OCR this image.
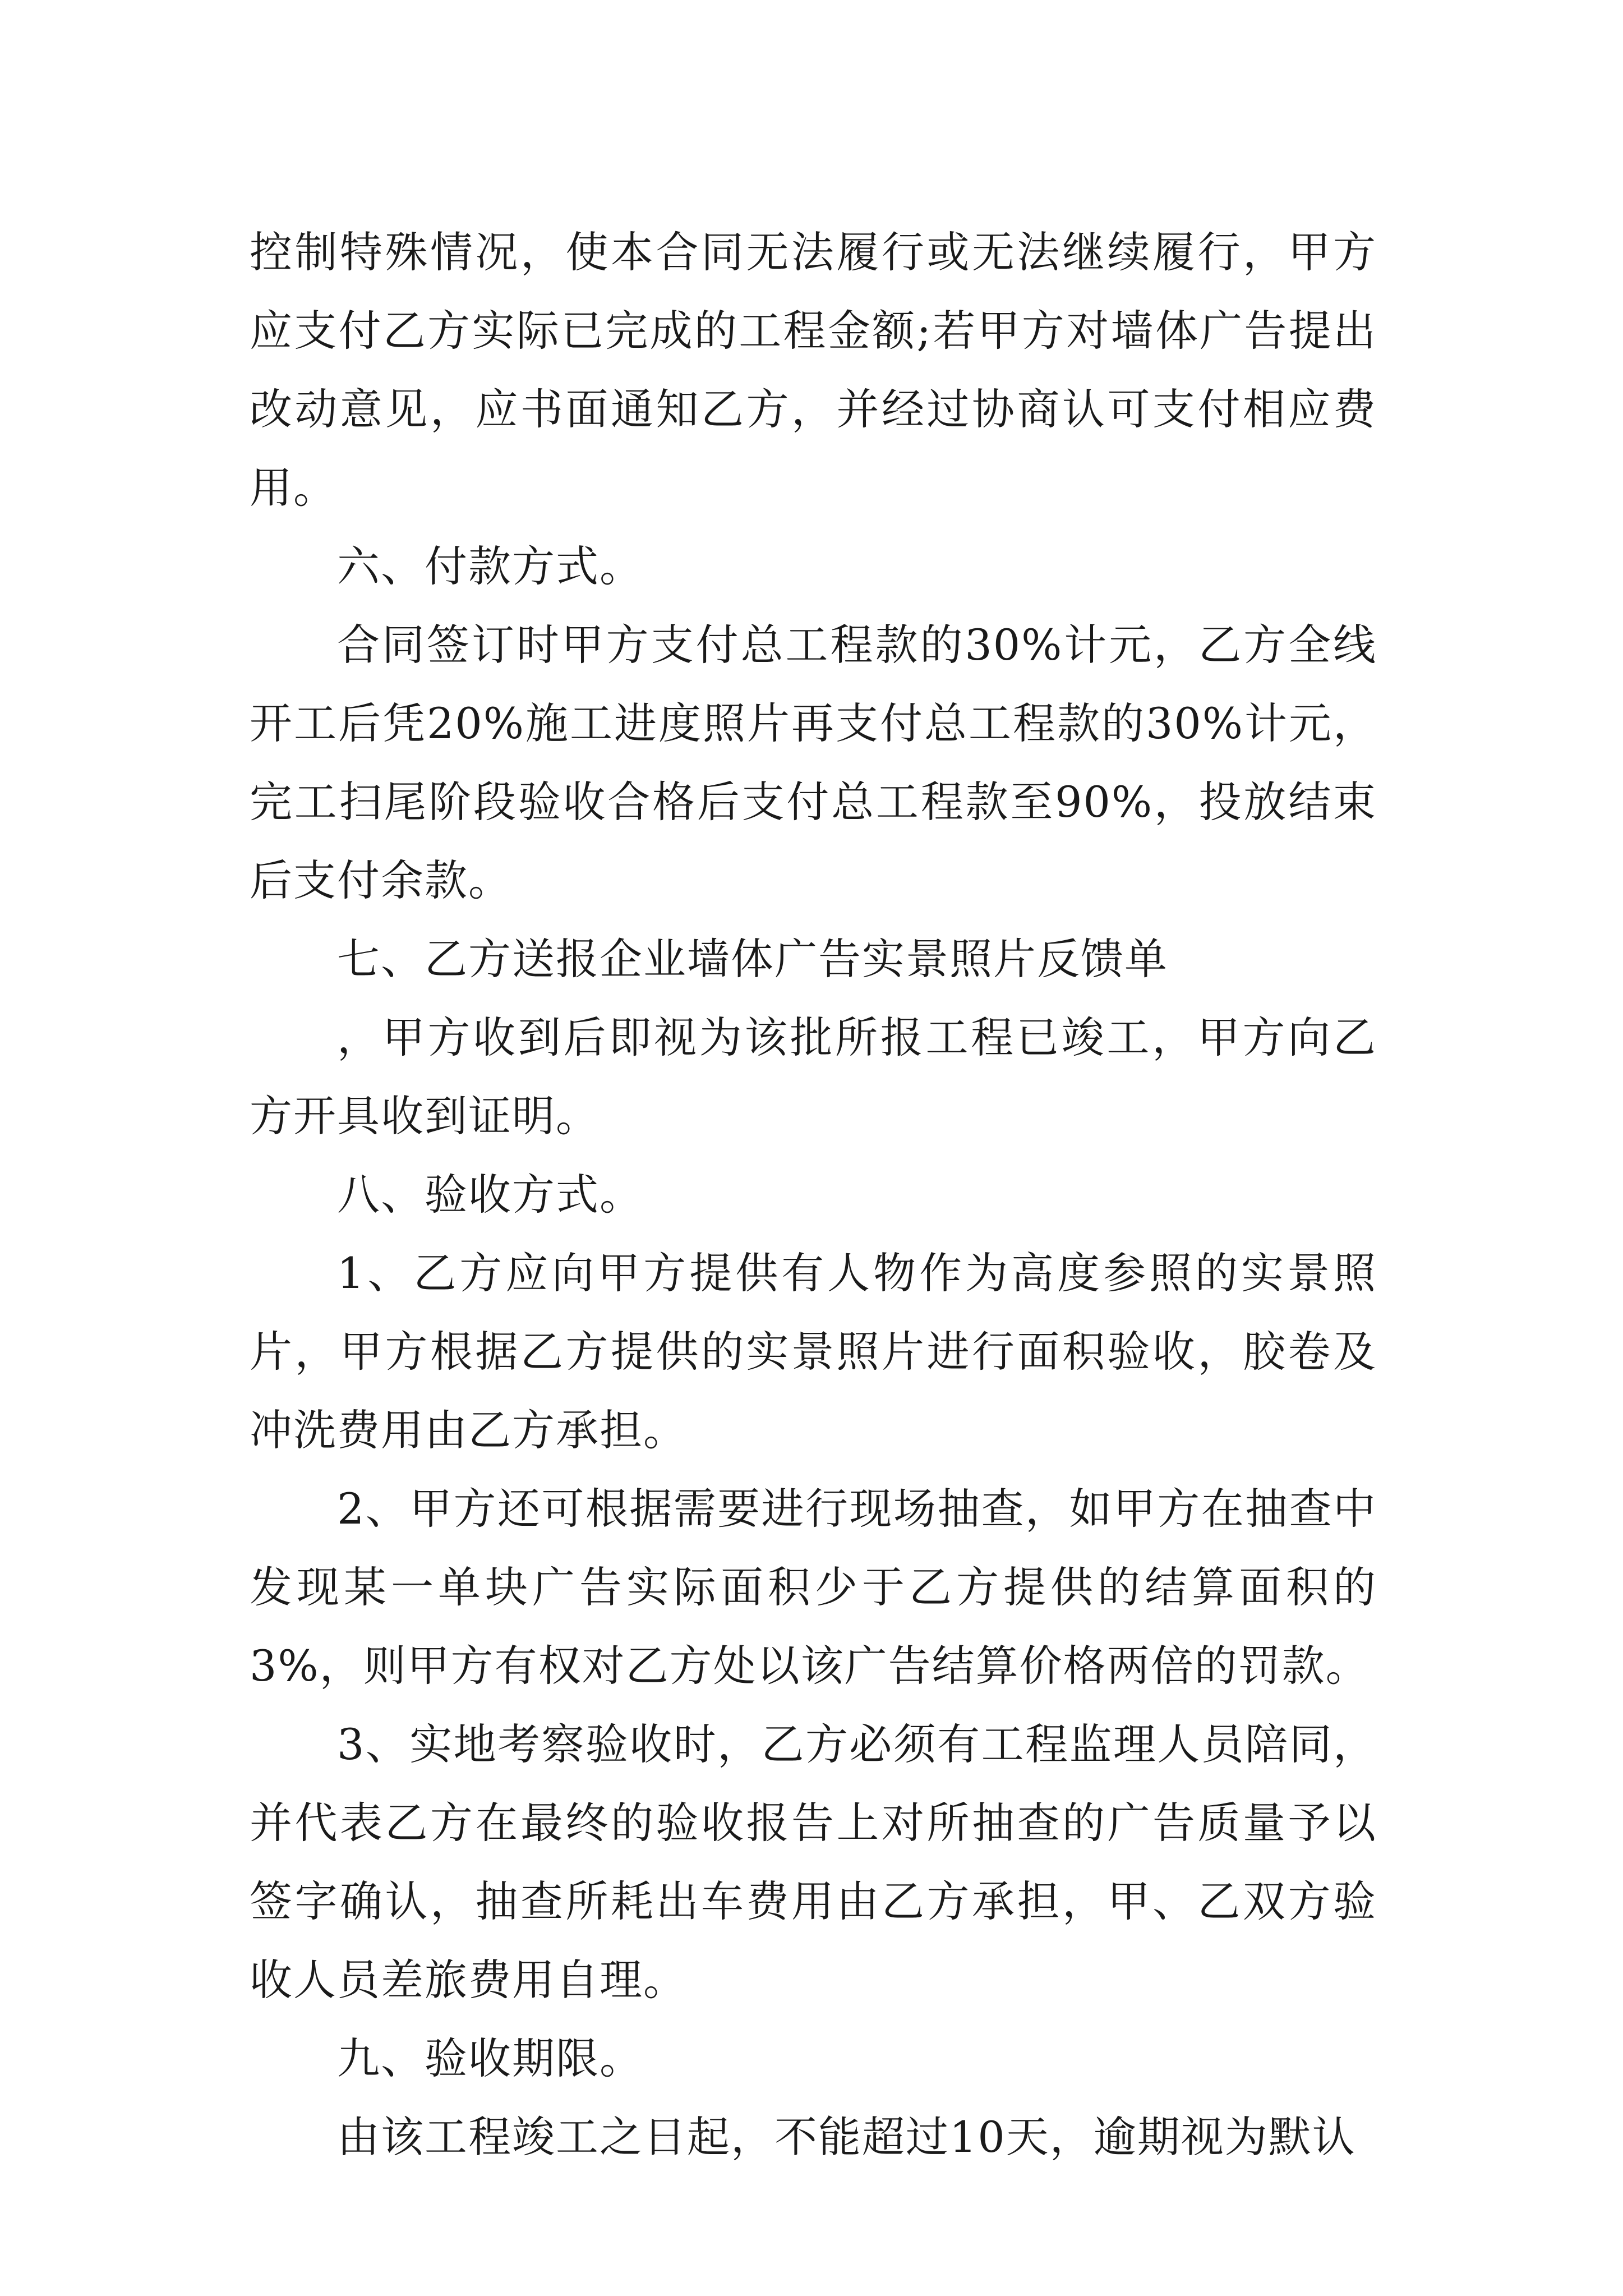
控制特殊情况，使本合同无法履行或无法继续履行，甲方应支付乙方实际已完成的工程金额;若甲方对墙体广告提出改动意见，应书面通知乙方，并经过协商认可支付相应费用。

六、付款方式。

合同签订时甲方支付总工程款的30%计元，乙方全线开工后凭20%施工进度照片再支付总工程款的30%计元，完工扫尾阶段验收合格后支付总工程款至90%，投放结束后支付余款。

七、乙方送报企业墙体广告实景照片反馈单

，甲方收到后即视为该批所报工程已竣工，甲方向乙方开具收到证明。

八、验收方式。

1、乙方应向甲方提供有人物作为高度参照的实景照片，甲方根据乙方提供的实景照片进行面积验收，胶卷及冲洗费用由乙方承担。

2、甲方还可根据需要进行现场抽查，如甲方在抽查中发现某一单块广告实际面积少于乙方提供的结算面积的3%，则甲方有权对乙方处以该广告结算价格两倍的罚款。

3、实地考察验收时，乙方必须有工程监理人员陪同，并代表乙方在最终的验收报告上对所抽查的广告质量予以签字确认，抽查所耗出车费用由乙方承担，甲、乙双方验收人员差旅费用自理。

九、验收期限。

由该工程竣工之日起，不能超过10天，逾期视为默认
